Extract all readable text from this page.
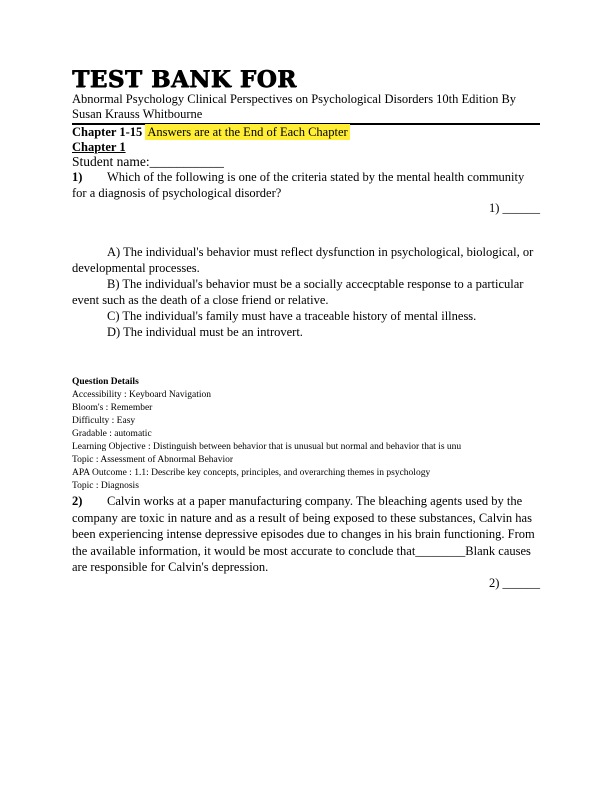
TEST BANK FOR

Abnormal Psychology Clinical Perspectives on Psychological Disorders 10th Edition By Susan Krauss Whitbourne

Chapter 1-15 Answers are at the End of Each Chapter

Chapter 1

Student name:___________

1) Which of the following is one of the criteria stated by the mental health community for a diagnosis of psychological disorder?

1) ______

A) The individual's behavior must reflect dysfunction in psychological, biological, or developmental processes.

B) The individual's behavior must be a socially accecptable response to a particular event such as the death of a close friend or relative.

C) The individual's family must have a traceable history of mental illness.

D) The individual must be an introvert.

Question Details
Accessibility : Keyboard Navigation
Bloom's : Remember
Difficulty : Easy
Gradable : automatic
Learning Objective : Distinguish between behavior that is unusual but normal and behavior that is unu
Topic : Assessment of Abnormal Behavior
APA Outcome : 1.1: Describe key concepts, principles, and overarching themes in psychology
Topic : Diagnosis

2) Calvin works at a paper manufacturing company. The bleaching agents used by the company are toxic in nature and as a result of being exposed to these substances, Calvin has been experiencing intense depressive episodes due to changes in his brain functioning. From the available information, it would be most accurate to conclude that________Blank causes are responsible for Calvin's depression.

2) ______
